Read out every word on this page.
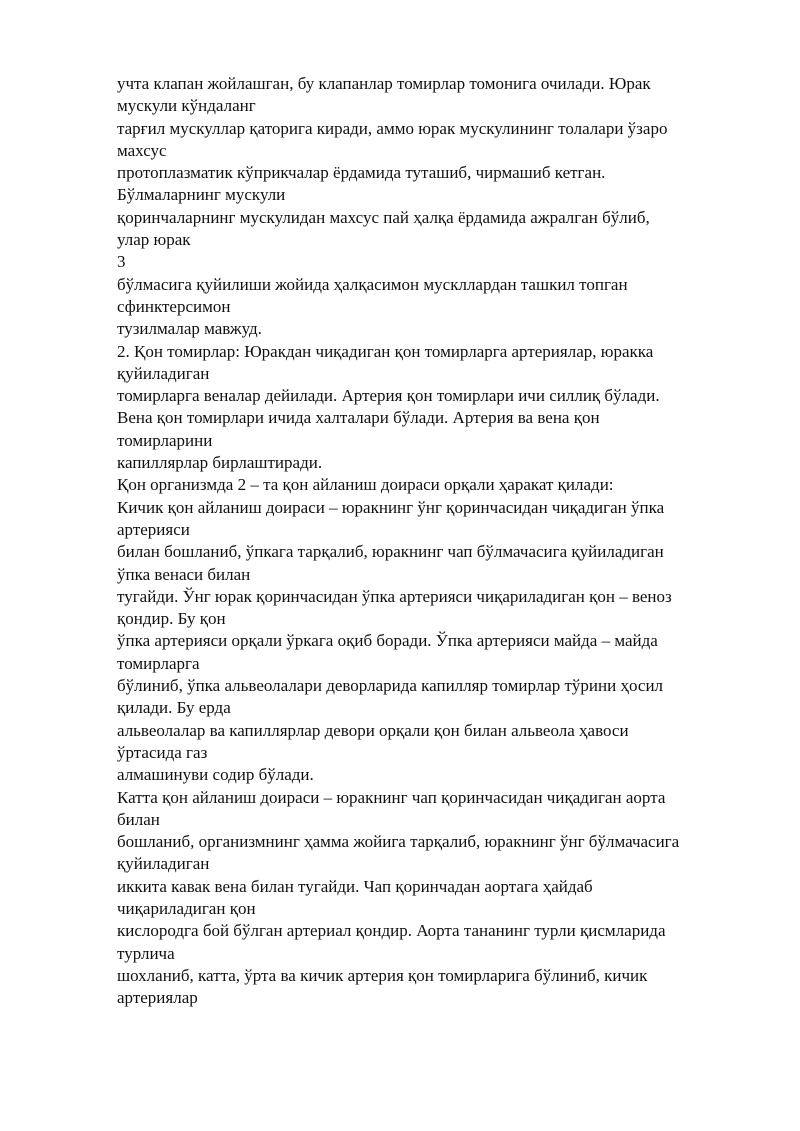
учта клапан жойлашган, бу клапанлар томирлар томонига очилади. Юрак
мускули кўндаланг
тарғил мускуллар қаторига киради, аммо юрак мускулининг толалари ўзаро
махсус
протоплазматик кўприкчалар ёрдамида туташиб, чирмашиб кетган.
Бўлмаларнинг мускули
қоринчаларнинг мускулидан махсус пай ҳалқа ёрдамида ажралган бўлиб,
улар юрак
3
бўлмасига қуйилиши жойида ҳалқасимон мускллардан ташкил топган
сфинктерсимон
тузилмалар мавжуд.
2. Қон томирлар: Юракдан чиқадиган қон томирларга артериялар, юракка
қуйиладиган
томирларга веналар дейилади. Артерия қон томирлари ичи силлиқ бўлади.
Вена қон томирлари ичида халталари бўлади. Артерия ва вена қон
томирларини
капиллярлар бирлаштиради.
Қон организмда 2 – та қон айланиш доираси орқали ҳаракат қилади:
Кичик қон айланиш доираси – юракнинг ўнг қоринчасидан чиқадиган ўпка
артерияси
билан бошланиб, ўпкага тарқалиб, юракнинг чап бўлмачасига қуйиладиган
ўпка венаси билан
тугайди. Ўнг юрак қоринчасидан ўпка артерияси чиқариладиган қон – веноз
қондир. Бу қон
ўпка артерияси орқали ўркага оқиб боради. Ўпка артерияси майда – майда
томирларга
бўлиниб, ўпка альвеолалари деворларида капилляр томирлар тўрини ҳосил
қилади. Бу ерда
альвеолалар ва капиллярлар девори орқали қон билан альвеола ҳавоси
ўртасида газ
алмашинуви содир бўлади.
Катта қон айланиш доираси – юракнинг чап қоринчасидан чиқадиган аорта
билан
бошланиб, организмнинг ҳамма жойига тарқалиб, юракнинг ўнг бўлмачасига
қуйиладиган
иккита кавак вена билан тугайди. Чап қоринчадан аортага ҳайдаб
чиқариладиган қон
кислородга бой бўлган артериал қондир. Аорта тананинг турли қисмларида
турлича
шохланиб, катта, ўрта ва кичик артерия қон томирларига бўлиниб, кичик
артериялар
